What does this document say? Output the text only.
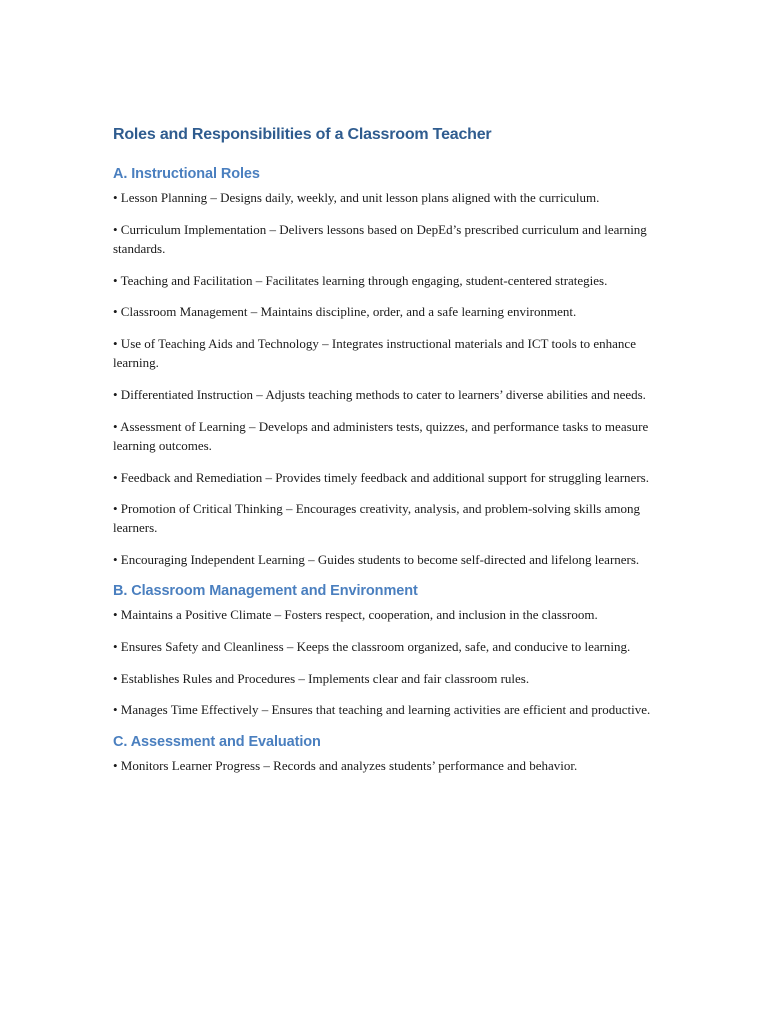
Roles and Responsibilities of a Classroom Teacher
A. Instructional Roles
• Lesson Planning – Designs daily, weekly, and unit lesson plans aligned with the curriculum.
• Curriculum Implementation – Delivers lessons based on DepEd’s prescribed curriculum and learning standards.
• Teaching and Facilitation – Facilitates learning through engaging, student-centered strategies.
• Classroom Management – Maintains discipline, order, and a safe learning environment.
• Use of Teaching Aids and Technology – Integrates instructional materials and ICT tools to enhance learning.
• Differentiated Instruction – Adjusts teaching methods to cater to learners’ diverse abilities and needs.
• Assessment of Learning – Develops and administers tests, quizzes, and performance tasks to measure learning outcomes.
• Feedback and Remediation – Provides timely feedback and additional support for struggling learners.
• Promotion of Critical Thinking – Encourages creativity, analysis, and problem-solving skills among learners.
• Encouraging Independent Learning – Guides students to become self-directed and lifelong learners.
B. Classroom Management and Environment
• Maintains a Positive Climate – Fosters respect, cooperation, and inclusion in the classroom.
• Ensures Safety and Cleanliness – Keeps the classroom organized, safe, and conducive to learning.
• Establishes Rules and Procedures – Implements clear and fair classroom rules.
• Manages Time Effectively – Ensures that teaching and learning activities are efficient and productive.
C. Assessment and Evaluation
• Monitors Learner Progress – Records and analyzes students’ performance and behavior.
